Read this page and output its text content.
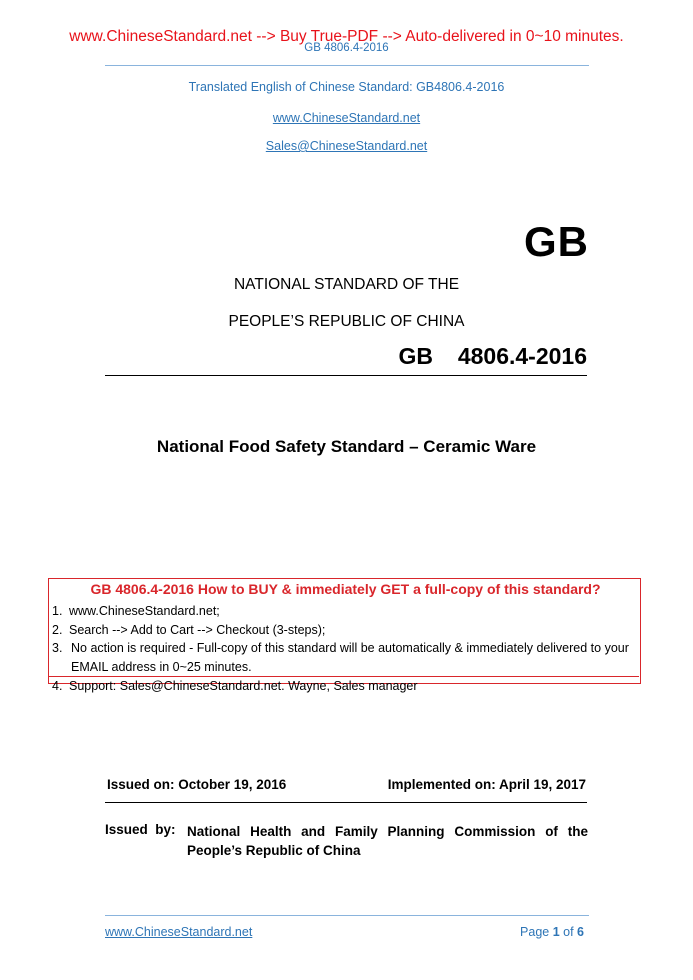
www.ChineseStandard.net --> Buy True-PDF --> Auto-delivered in 0~10 minutes.
GB 4806.4-2016
Translated English of Chinese Standard: GB4806.4-2016
www.ChineseStandard.net
Sales@ChineseStandard.net
GB
NATIONAL STANDARD OF THE
PEOPLE’S REPUBLIC OF CHINA
GB  4806.4-2016
National Food Safety Standard – Ceramic Ware
GB 4806.4-2016 How to BUY & immediately GET a full-copy of this standard?
1. www.ChineseStandard.net;
2. Search --> Add to Cart --> Checkout (3-steps);
3. No action is required - Full-copy of this standard will be automatically & immediately delivered to your EMAIL address in 0~25 minutes.
4. Support: Sales@ChineseStandard.net. Wayne, Sales manager
Issued on: October 19, 2016	Implemented on: April 19, 2017
Issued  by: National  Health  and  Family  Planning  Commission  of  the People’s Republic of China
www.ChineseStandard.net	Page 1 of 6
